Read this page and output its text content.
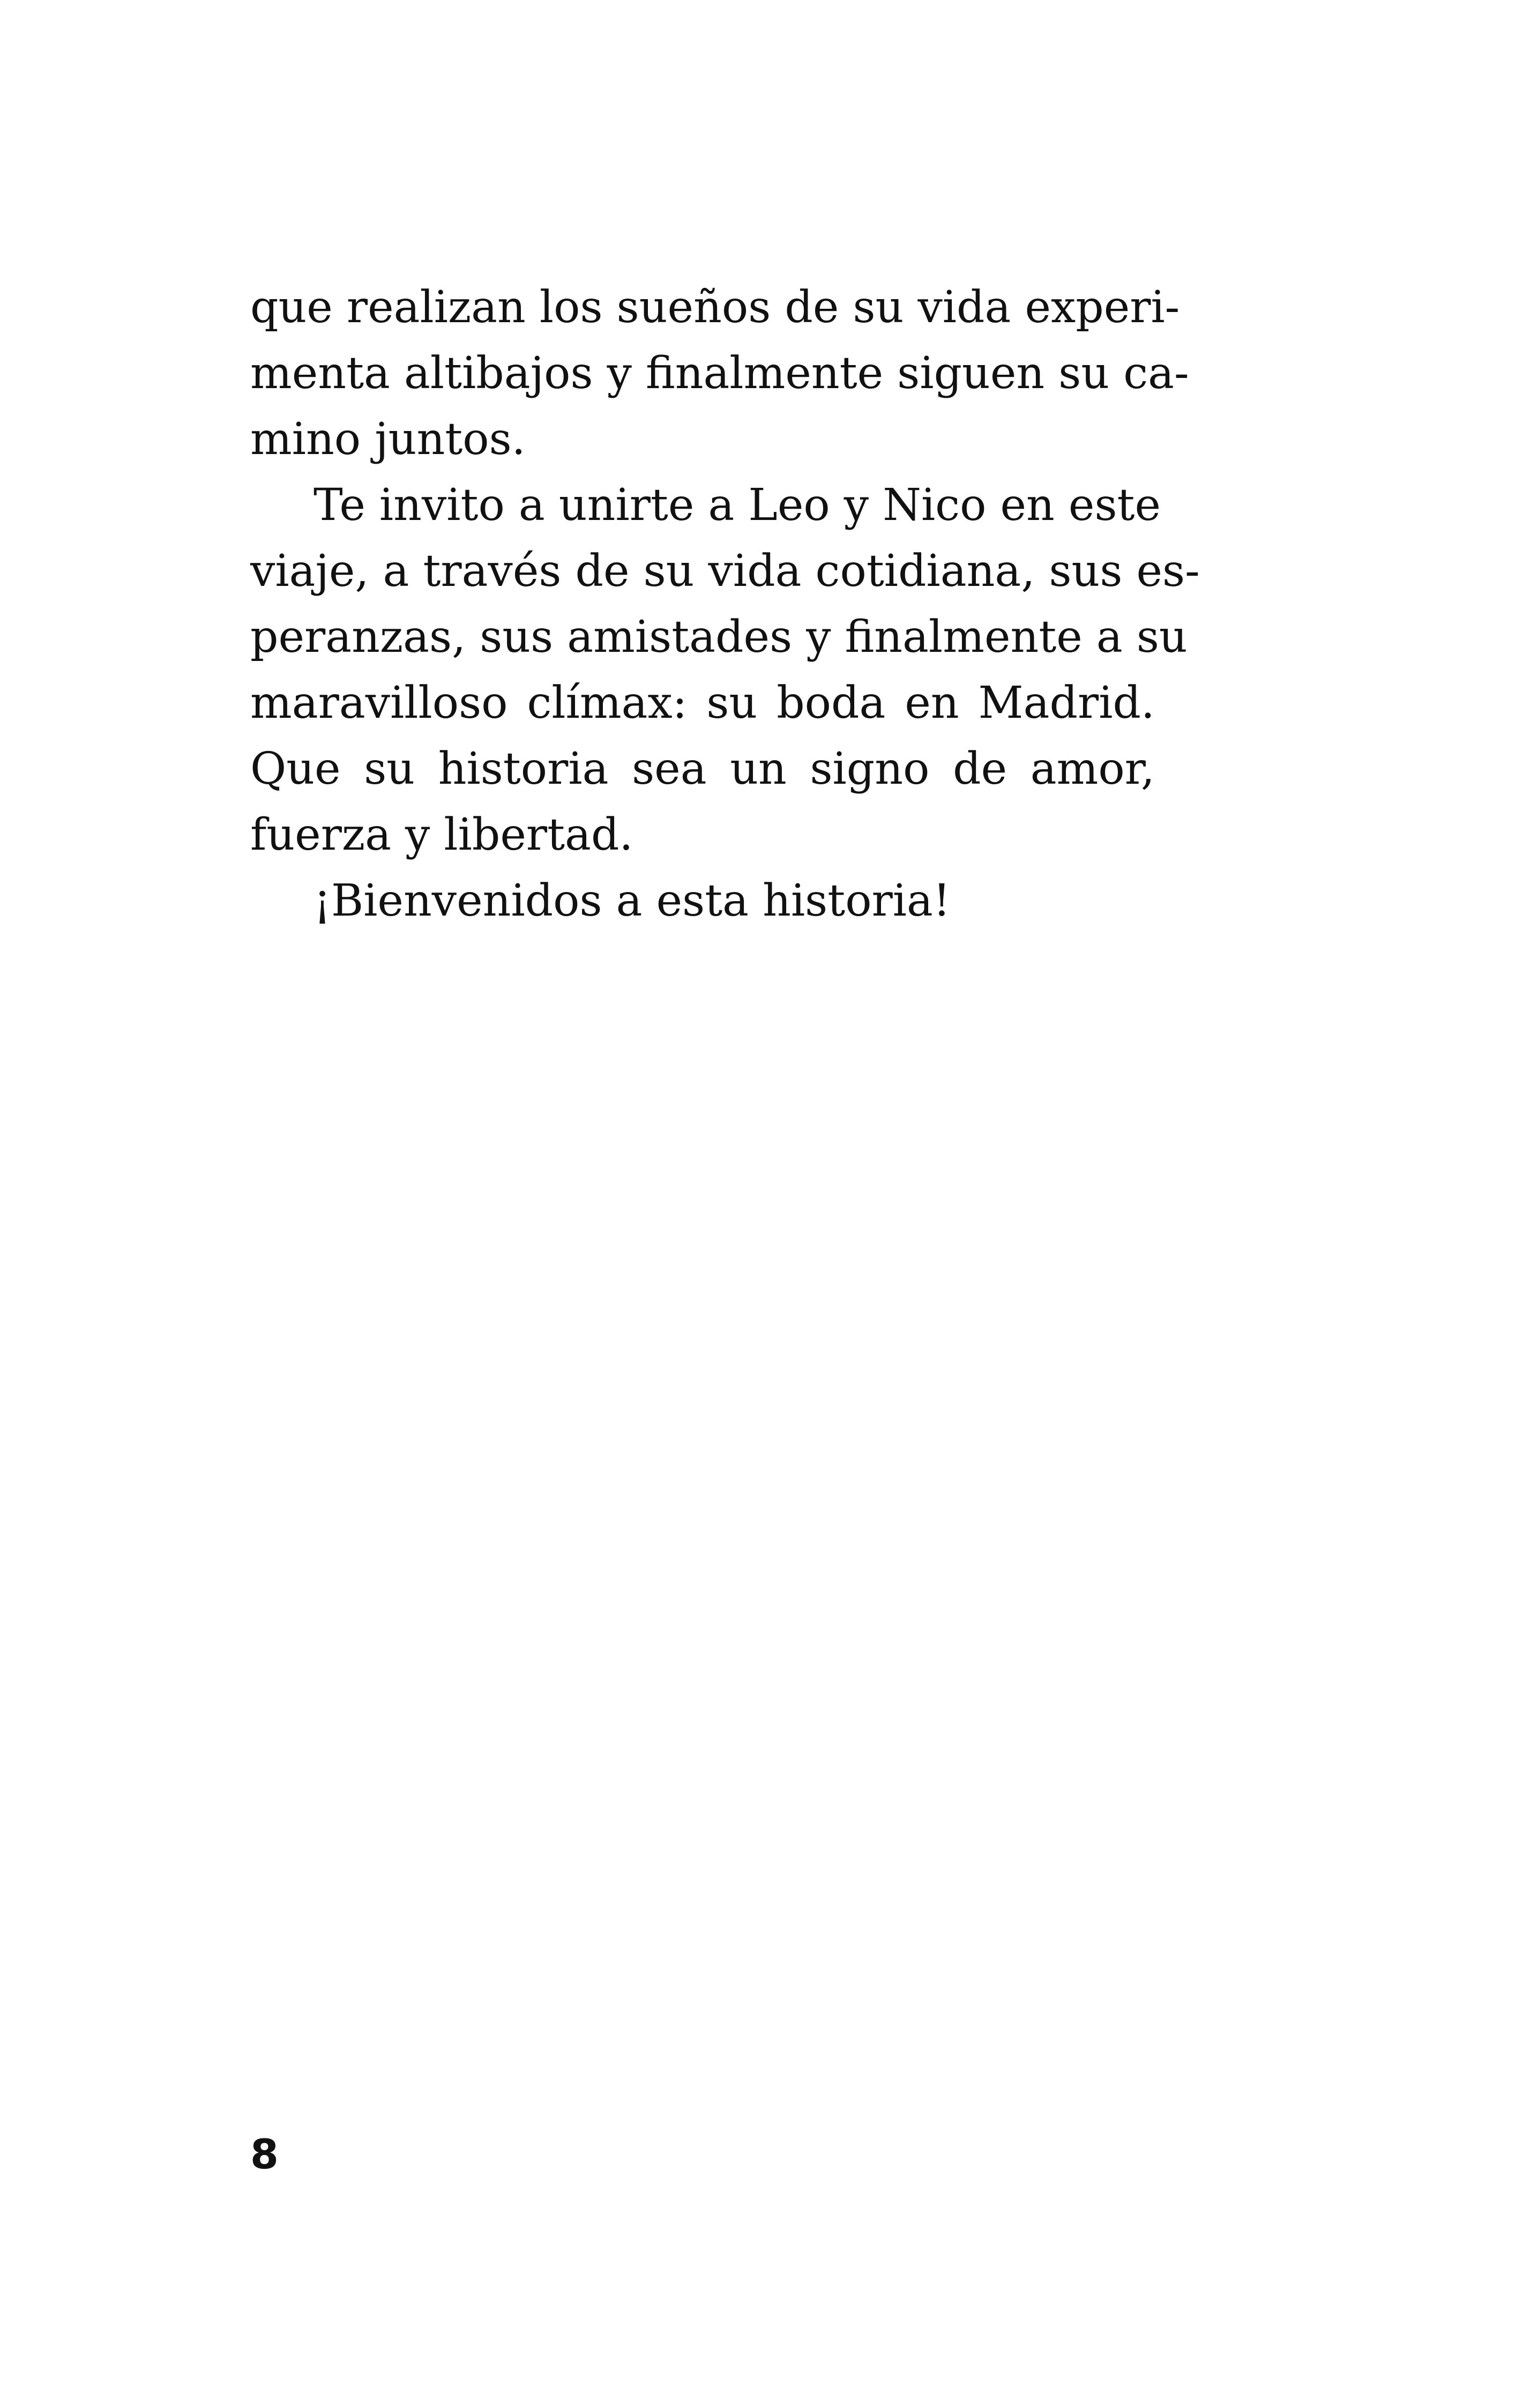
que realizan los sueños de su vida experi-
menta altibajos y finalmente siguen su ca-
mino juntos.
Te invito a unirte a Leo y Nico en este
viaje, a través de su vida cotidiana, sus es-
peranzas, sus amistades y finalmente a su
maravilloso clímax: su boda en Madrid.
Que su historia sea un signo de amor,
fuerza y libertad.
¡Bienvenidos a esta historia!
8
